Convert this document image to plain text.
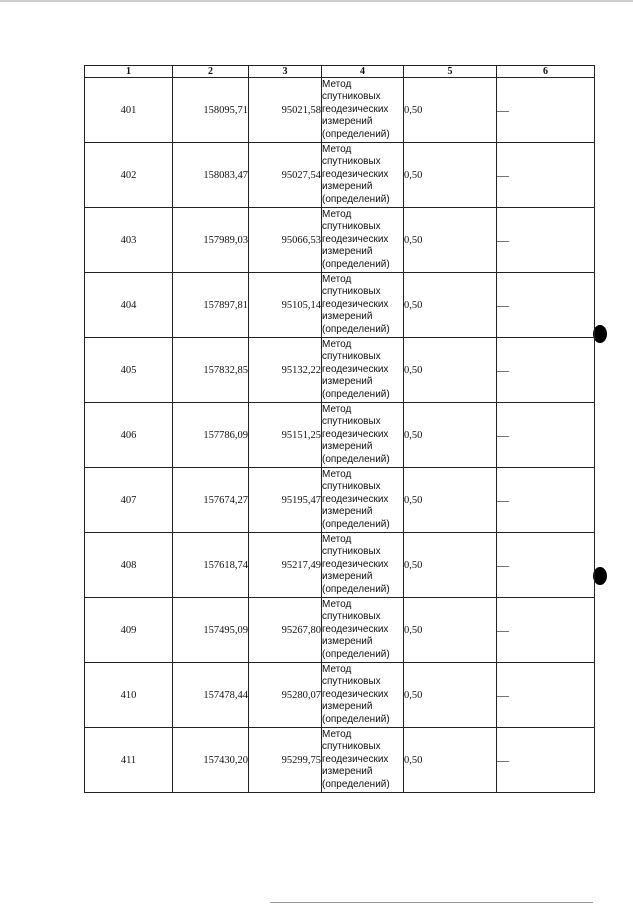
1	2	3	4	5	6
401	158095,71	95021,58	Метод
спутниковых
геодезических
измерений
(определений)	0,50	—
402	158083,47	95027,54	Метод
спутниковых
геодезических
измерений
(определений)	0,50	—
403	157989,03	95066,53	Метод
спутниковых
геодезических
измерений
(определений)	0,50	—
404	157897,81	95105,14	Метод
спутниковых
геодезических
измерений
(определений)	0,50	—
405	157832,85	95132,22	Метод
спутниковых
геодезических
измерений
(определений)	0,50	—
406	157786,09	95151,25	Метод
спутниковых
геодезических
измерений
(определений)	0,50	—
407	157674,27	95195,47	Метод
спутниковых
геодезических
измерений
(определений)	0,50	—
408	157618,74	95217,49	Метод
спутниковых
геодезических
измерений
(определений)	0,50	—
409	157495,09	95267,80	Метод
спутниковых
геодезических
измерений
(определений)	0,50	—
410	157478,44	95280,07	Метод
спутниковых
геодезических
измерений
(определений)	0,50	—
411	157430,20	95299,75	Метод
спутниковых
геодезических
измерений
(определений)	0,50	—
